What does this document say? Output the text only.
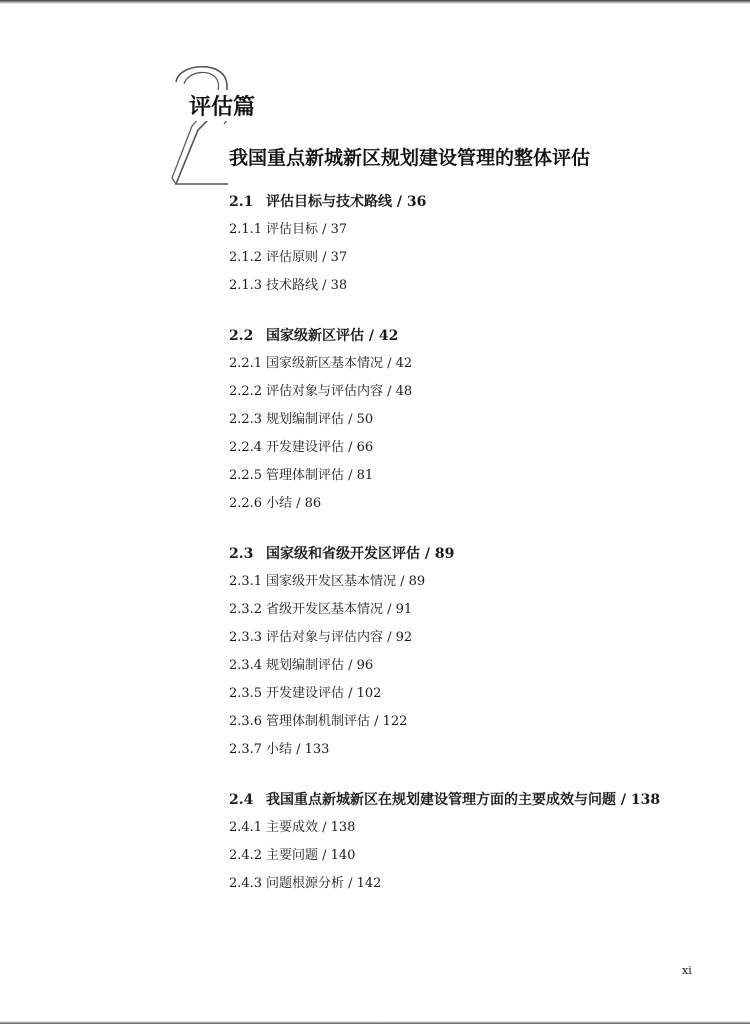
评估篇
我国重点新城新区规划建设管理的整体评估
2.1 评估目标与技术路线 / 36
2.1.1 评估目标 / 37
2.1.2 评估原则 / 37
2.1.3 技术路线 / 38
2.2 国家级新区评估 / 42
2.2.1 国家级新区基本情况 / 42
2.2.2 评估对象与评估内容 / 48
2.2.3 规划编制评估 / 50
2.2.4 开发建设评估 / 66
2.2.5 管理体制评估 / 81
2.2.6 小结 / 86
2.3 国家级和省级开发区评估 / 89
2.3.1 国家级开发区基本情况 / 89
2.3.2 省级开发区基本情况 / 91
2.3.3 评估对象与评估内容 / 92
2.3.4 规划编制评估 / 96
2.3.5 开发建设评估 / 102
2.3.6 管理体制机制评估 / 122
2.3.7 小结 / 133
2.4 我国重点新城新区在规划建设管理方面的主要成效与问题 / 138
2.4.1 主要成效 / 138
2.4.2 主要问题 / 140
2.4.3 问题根源分析 / 142
xi
